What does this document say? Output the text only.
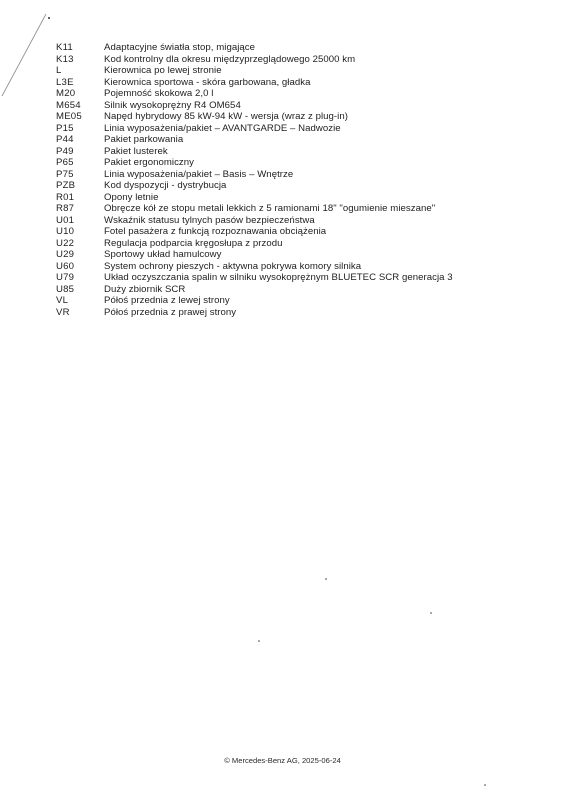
K11	Adaptacyjne światła stop, migające
K13	Kod kontrolny dla okresu międzyprzeglądowego 25000 km
L	Kierownica po lewej stronie
L3E	Kierownica sportowa - skóra garbowana, gładka
M20	Pojemność skokowa 2,0 l
M654	Silnik wysokoprężny R4 OM654
ME05	Napęd hybrydowy 85 kW-94 kW - wersja (wraz z plug-in)
P15	Linia wyposażenia/pakiet – AVANTGARDE – Nadwozie
P44	Pakiet parkowania
P49	Pakiet lusterek
P65	Pakiet ergonomiczny
P75	Linia wyposażenia/pakiet – Basis – Wnętrze
PZB	Kod dyspozycji - dystrybucja
R01	Opony letnie
R87	Obręcze kół ze stopu metali lekkich z 5 ramionami 18" "ogumienie mieszane"
U01	Wskaźnik statusu tylnych pasów bezpieczeństwa
U10	Fotel pasażera z funkcją rozpoznawania obciążenia
U22	Regulacja podparcia kręgosłupa z przodu
U29	Sportowy układ hamulcowy
U60	System ochrony pieszych - aktywna pokrywa komory silnika
U79	Układ oczyszczania spalin w silniku wysokoprężnym BLUETEC SCR generacja 3
U85	Duży zbiornik SCR
VL	Półoś przednia z lewej strony
VR	Półoś przednia z prawej strony
© Mercedes-Benz AG, 2025-06-24
